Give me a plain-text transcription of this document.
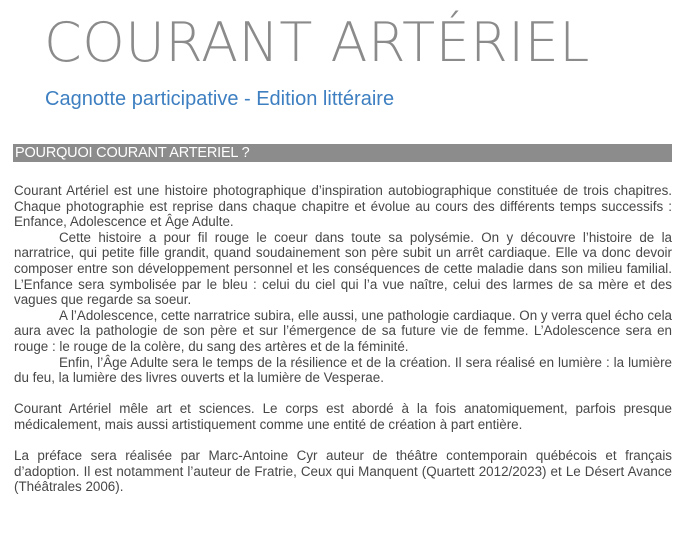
COURANT ARTÉRIEL
Cagnotte participative - Edition littéraire
POURQUOI COURANT ARTERIEL ?

Courant Artériel est une histoire photographique d’inspiration autobiographique constituée de trois chapitres. Chaque photographie est reprise dans chaque chapitre et évolue au cours des différents temps successifs : Enfance, Adolescence et Âge Adulte.

Cette histoire a pour fil rouge le coeur dans toute sa polysémie. On y découvre l’histoire de la narratrice, qui petite fille grandit, quand soudainement son père subit un arrêt cardiaque. Elle va donc devoir composer entre son développement personnel et les conséquences de cette maladie dans son milieu familial. L’Enfance sera symbolisée par le bleu : celui du ciel qui l’a vue naître, celui des larmes de sa mère et des vagues que regarde sa soeur.

A l’Adolescence, cette narratrice subira, elle aussi, une pathologie cardiaque. On y verra quel écho cela aura avec la pathologie de son père et sur l’émergence de sa future vie de femme. L’Adolescence sera en rouge : le rouge de la colère, du sang des artères et de la féminité.

Enfin, l’Âge Adulte sera le temps de la résilience et de la création. Il sera réalisé en lumière : la lumière du feu, la lumière des livres ouverts et la lumière de Vesperae.

Courant Artériel mêle art et sciences. Le corps est abordé à la fois anatomiquement, parfois presque médicalement, mais aussi artistiquement comme une entité de création à part entière.

La préface sera réalisée par Marc-Antoine Cyr auteur de théâtre contemporain québécois et français d’adoption. Il est notamment l’auteur de Fratrie, Ceux qui Manquent (Quartett 2012/2023) et Le Désert Avance (Théâtrales 2006).
